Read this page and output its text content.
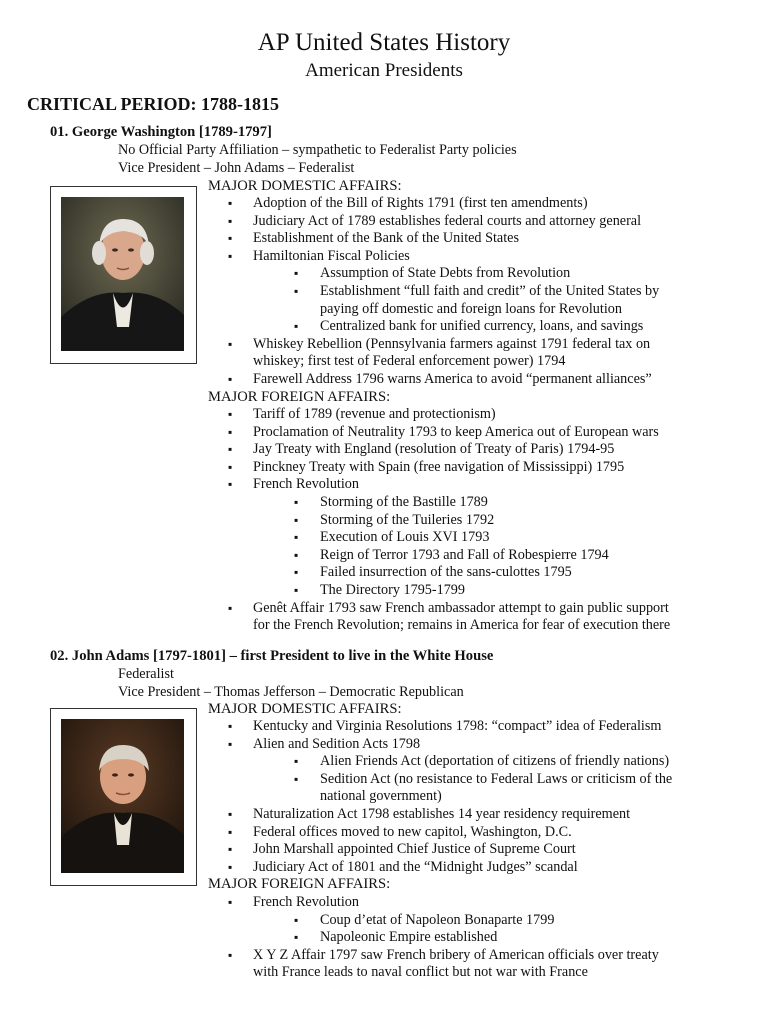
AP United States History
American Presidents
CRITICAL PERIOD: 1788-1815
01. George Washington [1789-1797]
No Official Party Affiliation – sympathetic to Federalist Party policies
Vice President – John Adams – Federalist
MAJOR DOMESTIC AFFAIRS:
▪ Adoption of the Bill of Rights 1791 (first ten amendments)
▪ Judiciary Act of 1789 establishes federal courts and attorney general
▪ Establishment of the Bank of the United States
▪ Hamiltonian Fiscal Policies
▪ Assumption of State Debts from Revolution
▪ Establishment “full faith and credit” of the United States by
paying off domestic and foreign loans for Revolution
▪ Centralized bank for unified currency, loans, and savings
▪ Whiskey Rebellion (Pennsylvania farmers against 1791 federal tax on
whiskey; first test of Federal enforcement power) 1794
▪ Farewell Address 1796 warns America to avoid “permanent alliances”
MAJOR FOREIGN AFFAIRS:
▪ Tariff of 1789 (revenue and protectionism)
▪ Proclamation of Neutrality 1793 to keep America out of European wars
▪ Jay Treaty with England (resolution of Treaty of Paris) 1794-95
▪ Pinckney Treaty with Spain (free navigation of Mississippi) 1795
▪ French Revolution
▪ Storming of the Bastille 1789
▪ Storming of the Tuileries 1792
▪ Execution of Louis XVI 1793
▪ Reign of Terror 1793 and Fall of Robespierre 1794
▪ Failed insurrection of the sans-culottes 1795
▪ The Directory 1795-1799
▪ Genêt Affair 1793 saw French ambassador attempt to gain public support
for the French Revolution; remains in America for fear of execution there
02. John Adams [1797-1801] – first President to live in the White House
Federalist
Vice President – Thomas Jefferson – Democratic Republican
MAJOR DOMESTIC AFFAIRS:
▪ Kentucky and Virginia Resolutions 1798: “compact” idea of Federalism
▪ Alien and Sedition Acts 1798
▪ Alien Friends Act (deportation of citizens of friendly nations)
▪ Sedition Act (no resistance to Federal Laws or criticism of the
national government)
▪ Naturalization Act 1798 establishes 14 year residency requirement
▪ Federal offices moved to new capitol, Washington, D.C.
▪ John Marshall appointed Chief Justice of Supreme Court
▪ Judiciary Act of 1801 and the “Midnight Judges” scandal
MAJOR FOREIGN AFFAIRS:
▪ French Revolution
▪ Coup d’etat of Napoleon Bonaparte 1799
▪ Napoleonic Empire established
▪ X Y Z Affair 1797 saw French bribery of American officials over treaty
with France leads to naval conflict but not war with France
